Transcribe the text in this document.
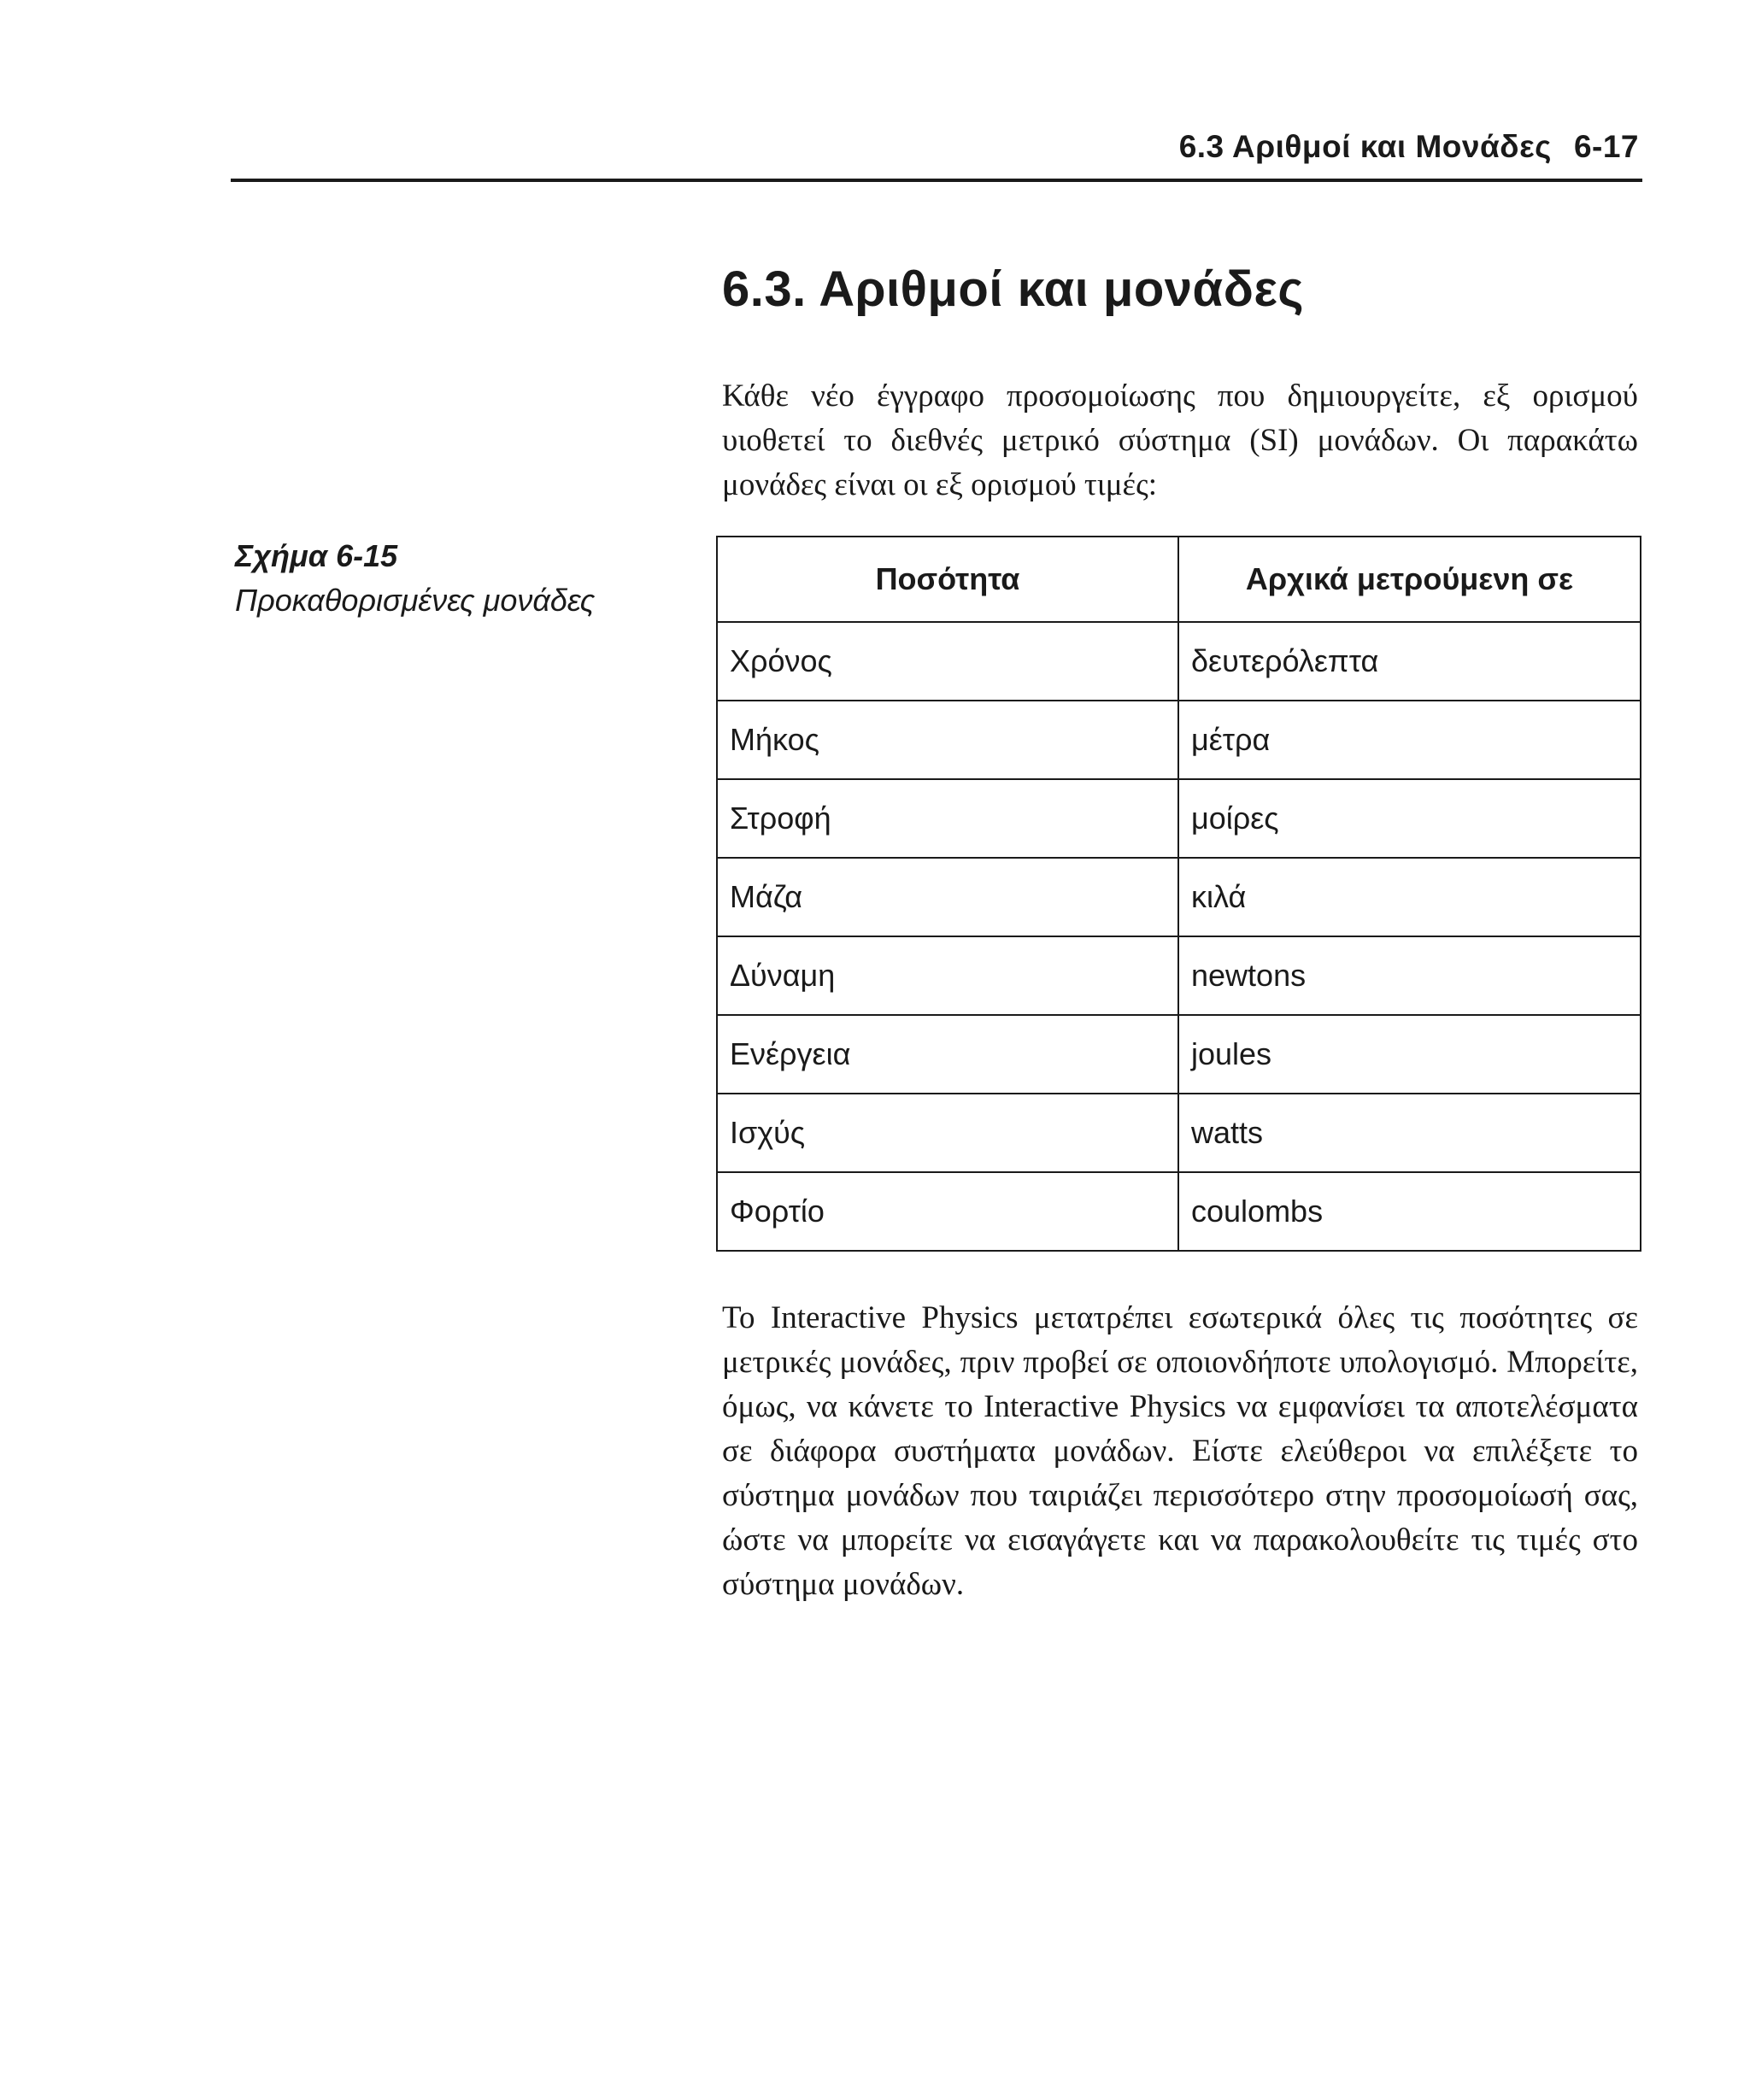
6.3 Αριθμοί και Μονάδες 6-17
6.3. Αριθμοί και μονάδες

Κάθε νέο έγγραφο προσομοίωσης που δημιουργείτε, εξ ορισμού υιοθετεί το διεθνές μετρικό σύστημα (SI) μονάδων. Οι παρακάτω μονάδες είναι οι εξ ορισμού τιμές:

Σχήμα 6-15
Προκαθορισμένες μονάδες
Ποσότητα	Αρχικά μετρούμενη σε
Χρόνος	δευτερόλεπτα
Μήκος	μέτρα
Στροφή	μοίρες
Μάζα	κιλά
Δύναμη	newtons
Ενέργεια	joules
Ισχύς	watts
Φορτίο	coulombs

Το Interactive Physics μετατρέπει εσωτερικά όλες τις ποσότητες σε μετρικές μονάδες, πριν προβεί σε οποιονδήποτε υπολογισμό. Μπορείτε, όμως, να κάνετε το Interactive Physics να εμφανίσει τα αποτελέσματα σε διάφορα συστήματα μονάδων. Είστε ελεύθεροι να επιλέξετε το σύστημα μονάδων που ταιριάζει περισσότερο στην προσομοίωσή σας, ώστε να μπορείτε να εισαγάγετε και να παρακολουθείτε τις τιμές στο σύστημα μονάδων.
